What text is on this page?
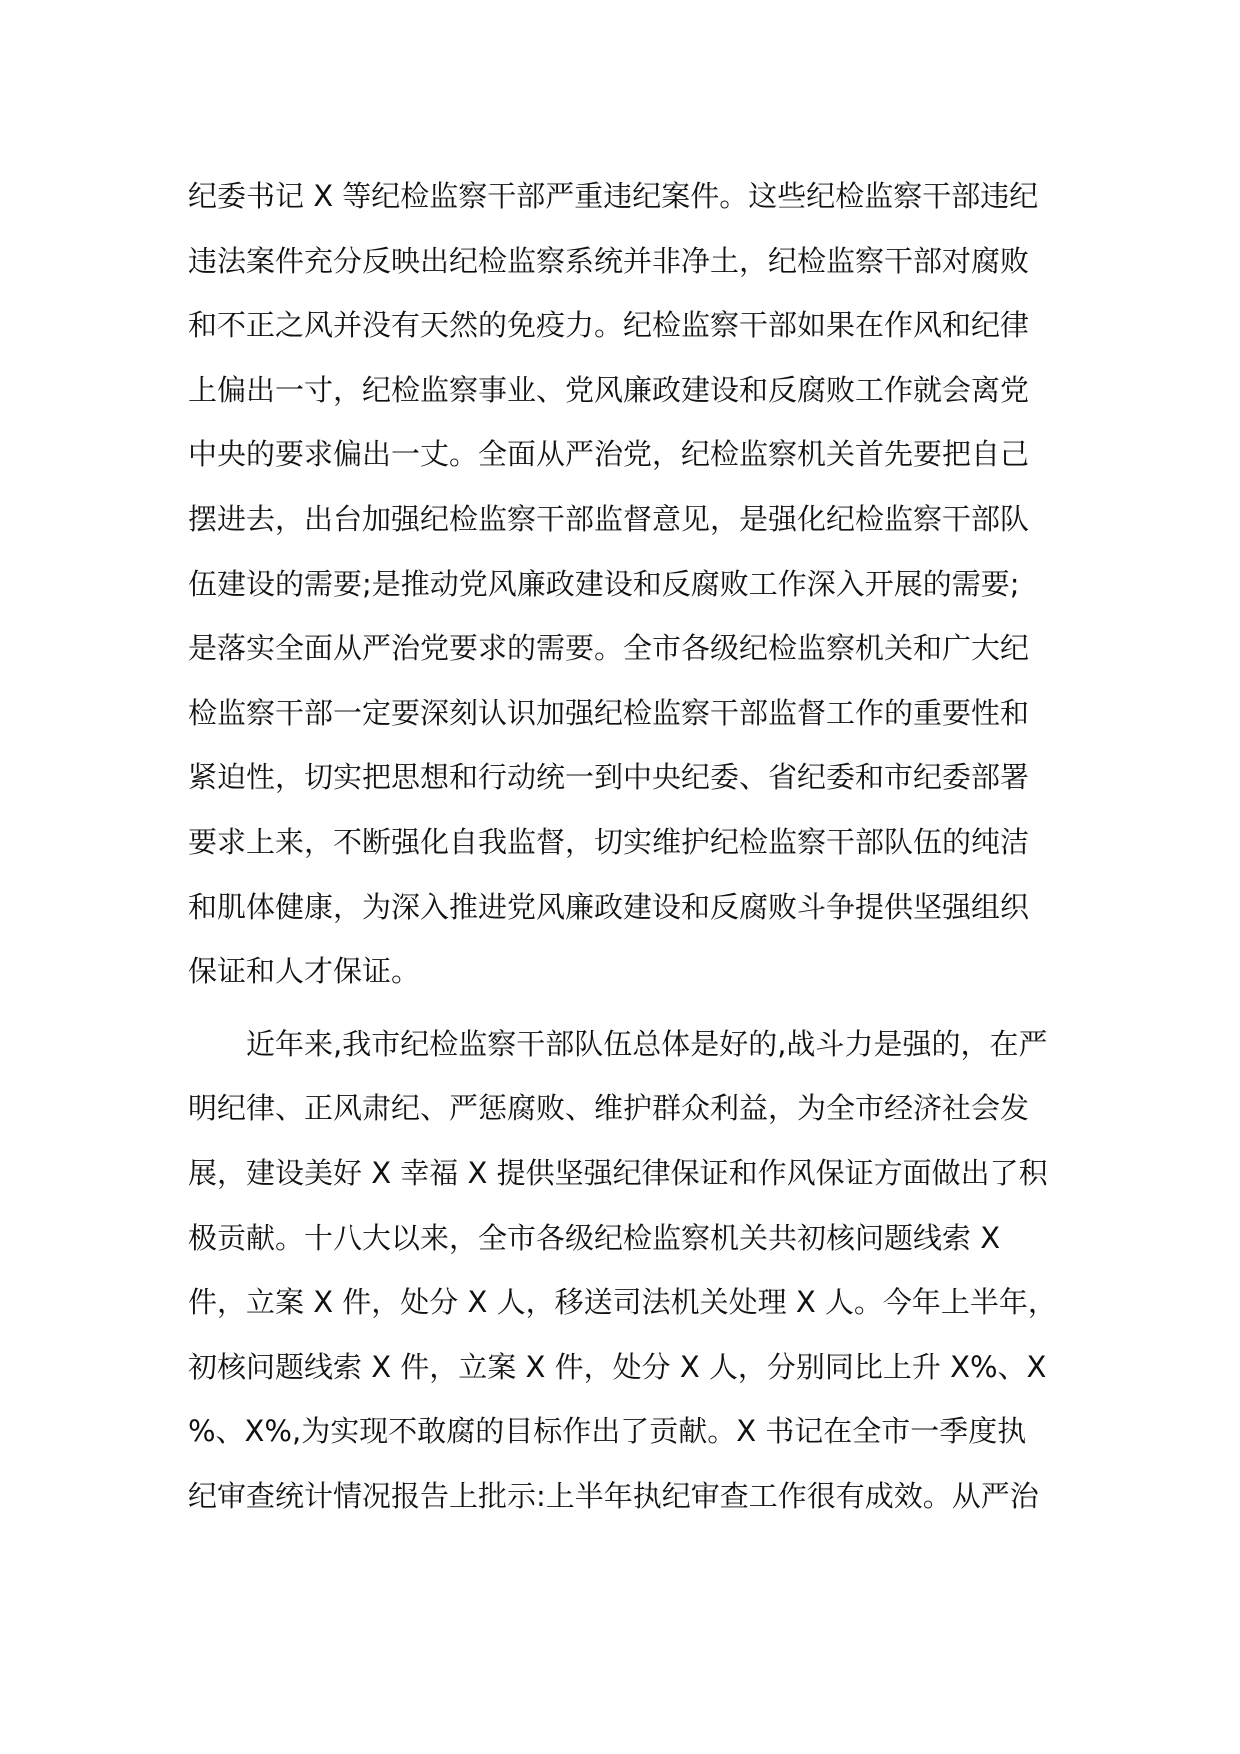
纪委书记 X 等纪检监察干部严重违纪案件。这些纪检监察干部违纪
违法案件充分反映出纪检监察系统并非净土，纪检监察干部对腐败
和不正之风并没有天然的免疫力。纪检监察干部如果在作风和纪律
上偏出一寸，纪检监察事业、党风廉政建设和反腐败工作就会离党
中央的要求偏出一丈。全面从严治党，纪检监察机关首先要把自己
摆进去，出台加强纪检监察干部监督意见，是强化纪检监察干部队
伍建设的需要;是推动党风廉政建设和反腐败工作深入开展的需要;
是落实全面从严治党要求的需要。全市各级纪检监察机关和广大纪
检监察干部一定要深刻认识加强纪检监察干部监督工作的重要性和
紧迫性，切实把思想和行动统一到中央纪委、省纪委和市纪委部署
要求上来，不断强化自我监督，切实维护纪检监察干部队伍的纯洁
和肌体健康，为深入推进党风廉政建设和反腐败斗争提供坚强组织
保证和人才保证。
近年来,我市纪检监察干部队伍总体是好的,战斗力是强的，在严
明纪律、正风肃纪、严惩腐败、维护群众利益，为全市经济社会发
展，建设美好 X 幸福 X 提供坚强纪律保证和作风保证方面做出了积
极贡献。十八大以来，全市各级纪检监察机关共初核问题线索 X
件，立案 X 件，处分 X 人，移送司法机关处理 X 人。今年上半年，
初核问题线索 X 件，立案 X 件，处分 X 人，分别同比上升 X%、X
%、X%,为实现不敢腐的目标作出了贡献。X 书记在全市一季度执
纪审查统计情况报告上批示:上半年执纪审查工作很有成效。从严治
